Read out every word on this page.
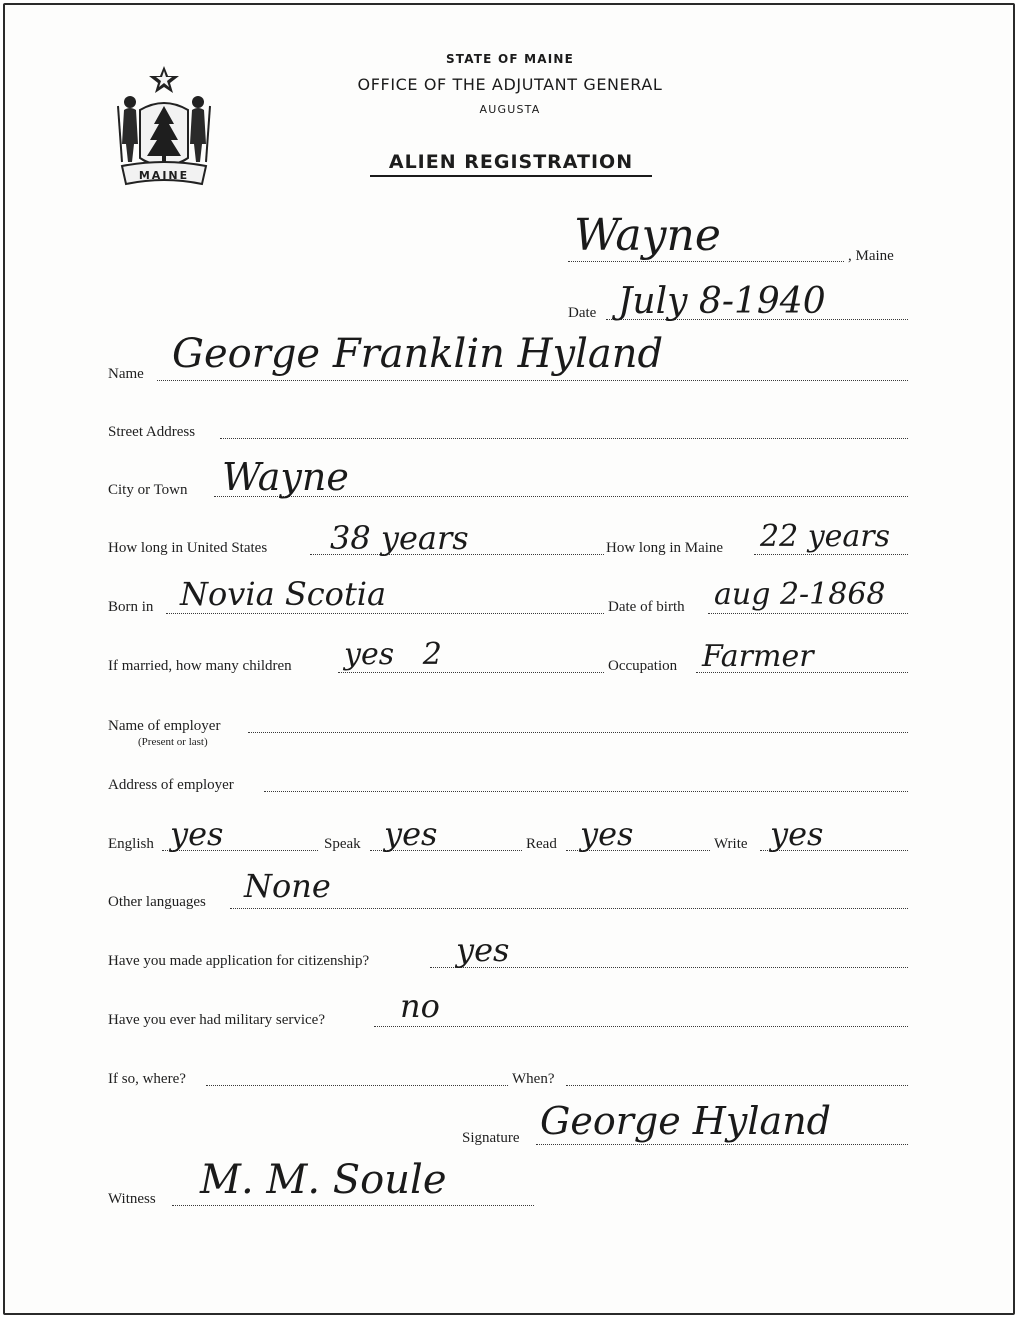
MAINE
STATE OF MAINE
OFFICE OF THE ADJUTANT GENERAL
AUGUSTA
ALIEN REGISTRATION
Wayne	, Maine
Date July 8-1940
Name George Franklin Hyland
Street Address
City or Town Wayne
How long in United States 38 years	How long in Maine 22 years
Born in Novia Scotia	Date of birth aug 2-1868
If married, how many children yes   2	Occupation Farmer
Name of employer
(Present or last)
Address of employer
English yes	Speak yes	Read yes	Write yes
Other languages None
Have you made application for citizenship?	yes
Have you ever had military service? no
If so, where?	When?
Signature George Hyland
Witness M. M. Soule
